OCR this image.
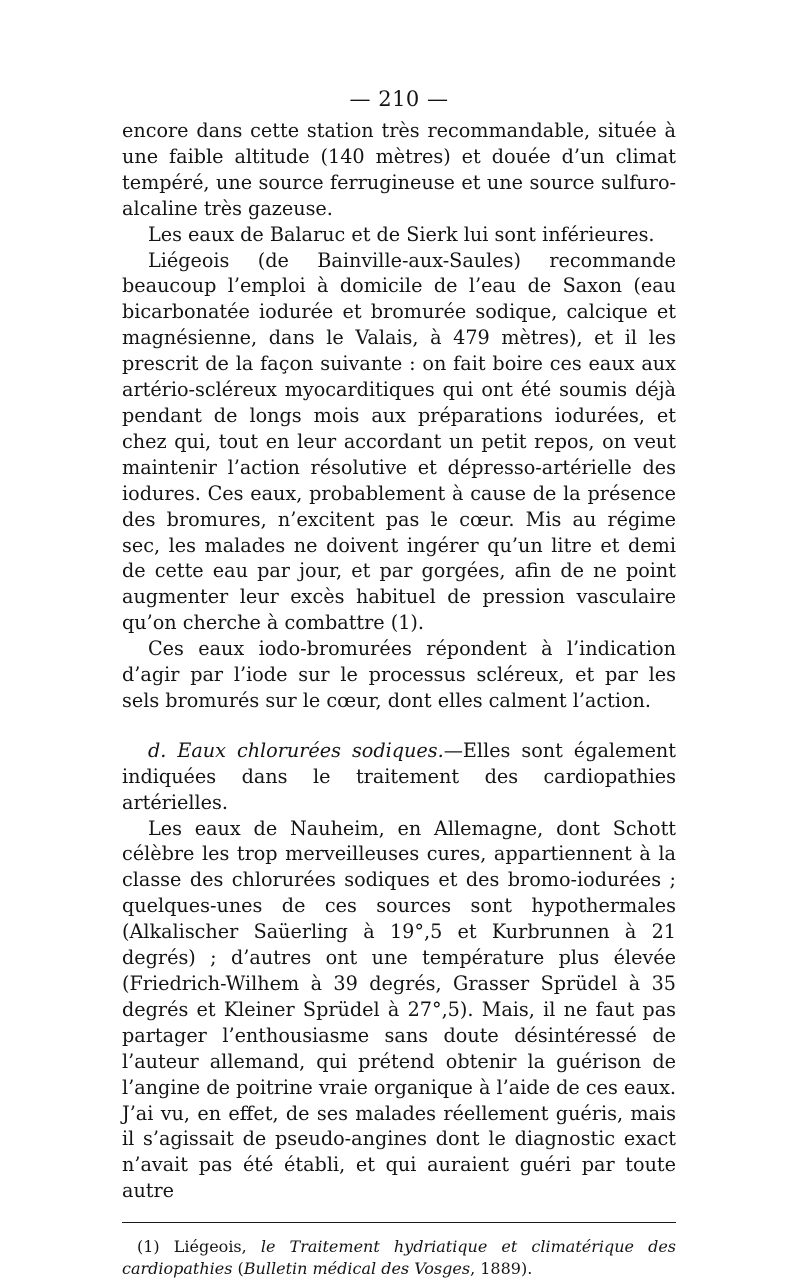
— 210 —

encore dans cette station très recommandable, située à une faible altitude (140 mètres) et douée d’un climat tempéré, une source ferrugineuse et une source sulfuro-alcaline très gazeuse.

Les eaux de Balaruc et de Sierk lui sont inférieures.

Liégeois (de Bainville-aux-Saules) recommande beaucoup l’emploi à domicile de l’eau de Saxon (eau bicarbonatée iodurée et bromurée sodique, calcique et magnésienne, dans le Valais, à 479 mètres), et il les prescrit de la façon suivante : on fait boire ces eaux aux artério-scléreux myocarditiques qui ont été soumis déjà pendant de longs mois aux préparations iodurées, et chez qui, tout en leur accordant un petit repos, on veut maintenir l’action résolutive et dépresso-artérielle des iodures. Ces eaux, probablement à cause de la présence des bromures, n’excitent pas le cœur. Mis au régime sec, les malades ne doivent ingérer qu’un litre et demi de cette eau par jour, et par gorgées, afin de ne point augmenter leur excès habituel de pression vasculaire qu’on cherche à combattre (1).

Ces eaux iodo-bromurées répondent à l’indication d’agir par l’iode sur le processus scléreux, et par les sels bromurés sur le cœur, dont elles calment l’action.

d. Eaux chlorurées sodiques.—Elles sont également indiquées dans le traitement des cardiopathies artérielles.

Les eaux de Nauheim, en Allemagne, dont Schott célèbre les trop merveilleuses cures, appartiennent à la classe des chlorurées sodiques et des bromo-iodurées ; quelques-unes de ces sources sont hypothermales (Alkalischer Saüerling à 19°,5 et Kurbrunnen à 21 degrés) ; d’autres ont une température plus élevée (Friedrich-Wilhem à 39 degrés, Grasser Sprüdel à 35 degrés et Kleiner Sprüdel à 27°,5). Mais, il ne faut pas partager l’enthousiasme sans doute désintéressé de l’auteur allemand, qui prétend obtenir la guérison de l’angine de poitrine vraie organique à l’aide de ces eaux. J’ai vu, en effet, de ses malades réellement guéris, mais il s’agissait de pseudo-angines dont le diagnostic exact n’avait pas été établi, et qui auraient guéri par toute autre

(1) Liégeois, le Traitement hydriatique et climatérique des cardiopathies (Bulletin médical des Vosges, 1889).
